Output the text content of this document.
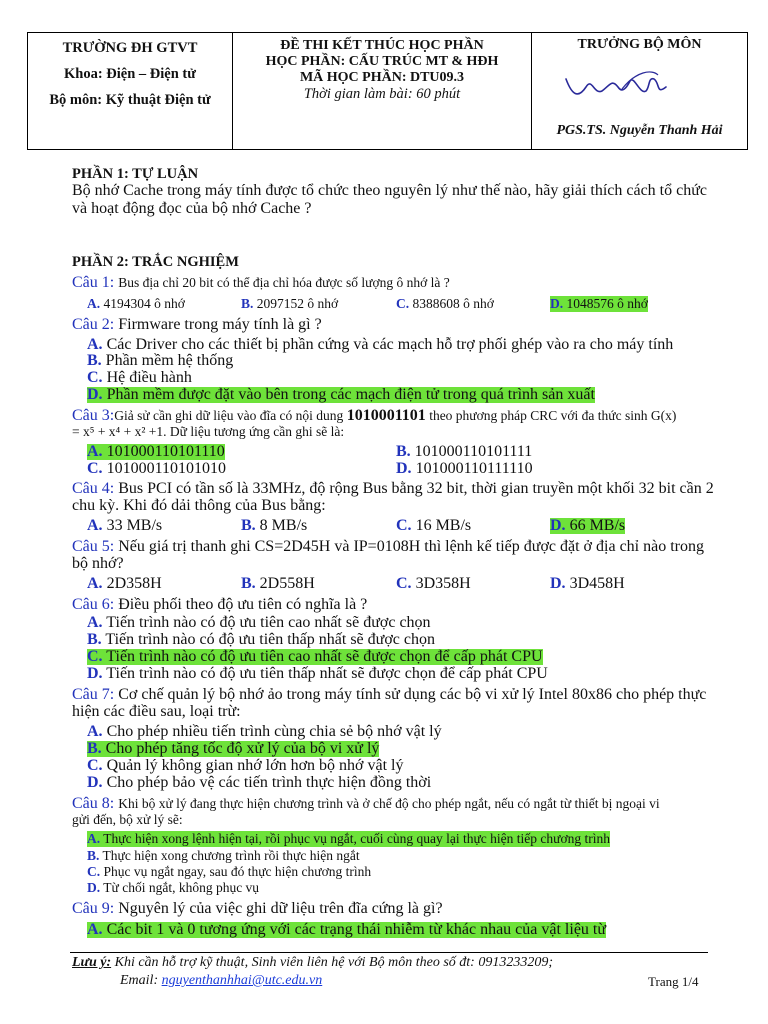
TRƯỜNG ĐH GTVT
Khoa: Điện – Điện tử
Bộ môn: Kỹ thuật Điện tử
ĐỀ THI KẾT THÚC HỌC PHẦN
HỌC PHẦN: CẤU TRÚC MT & HĐH
MÃ HỌC PHẦN: DTU09.3
Thời gian làm bài: 60 phút
TRƯỞNG BỘ MÔN
PGS.TS. Nguyễn Thanh Hải
PHẦN 1: TỰ LUẬN
Bộ nhớ Cache trong máy tính được tổ chức theo nguyên lý như thế nào, hãy giải thích cách tổ chức
và hoạt động đọc của bộ nhớ Cache ?
PHẦN 2: TRẮC NGHIỆM
Câu 1: Bus địa chỉ 20 bit có thể địa chỉ hóa được số lượng ô nhớ là ?
A. 4194304 ô nhớ	B. 2097152 ô nhớ	C. 8388608 ô nhớ	D. 1048576 ô nhớ
Câu 2: Firmware trong máy tính là gì ?
A. Các Driver cho các thiết bị phần cứng và các mạch hỗ trợ phối ghép vào ra cho máy tính
B. Phần mềm hệ thống
C. Hệ điều hành
D. Phần mềm được đặt vào bên trong các mạch điện tử trong quá trình sản xuất
Câu 3:Giả sử cần ghi dữ liệu vào đĩa có nội dung 1010001101 theo phương pháp CRC với đa thức sinh G(x)
= x⁵ + x⁴ + x² +1. Dữ liệu tương ứng cần ghi sẽ là:
A. 101000110101110	B. 101000110101111
C. 101000110101010	D. 101000110111110
Câu 4: Bus PCI có tần số là 33MHz, độ rộng Bus bằng 32 bit, thời gian truyền một khối 32 bit cần 2
chu kỳ. Khi đó dải thông của Bus bằng:
A. 33 MB/s	B. 8 MB/s	C. 16 MB/s	D. 66 MB/s
Câu 5: Nếu giá trị thanh ghi CS=2D45H và IP=0108H thì lệnh kế tiếp được đặt ở địa chỉ nào trong
bộ nhớ?
A. 2D358H	B. 2D558H	C. 3D358H	D. 3D458H
Câu 6: Điều phối theo độ ưu tiên có nghĩa là ?
A. Tiến trình nào có độ ưu tiên cao nhất sẽ được chọn
B. Tiến trình nào có độ ưu tiên thấp nhất sẽ được chọn
C. Tiến trình nào có độ ưu tiên cao nhất sẽ được chọn để cấp phát CPU
D. Tiến trình nào có độ ưu tiên thấp nhất sẽ được chọn để cấp phát CPU
Câu 7: Cơ chế quản lý bộ nhớ ảo trong máy tính sử dụng các bộ vi xử lý Intel 80x86 cho phép thực
hiện các điều sau, loại trừ:
A. Cho phép nhiều tiến trình cùng chia sẻ bộ nhớ vật lý
B. Cho phép tăng tốc độ xử lý của bộ vi xử lý
C. Quản lý không gian nhớ lớn hơn bộ nhớ vật lý
D. Cho phép bảo vệ các tiến trình thực hiện đồng thời
Câu 8: Khi bộ xử lý đang thực hiện chương trình và ở chế độ cho phép ngắt, nếu có ngắt từ thiết bị ngoại vi
gửi đến, bộ xử lý sẽ:
A. Thực hiện xong lệnh hiện tại, rồi phục vụ ngắt, cuối cùng quay lại thực hiện tiếp chương trình
B. Thực hiện xong chương trình rồi thực hiện ngắt
C. Phục vụ ngắt ngay, sau đó thực hiện chương trình
D. Từ chối ngắt, không phục vụ
Câu 9: Nguyên lý của việc ghi dữ liệu trên đĩa cứng là gì?
A. Các bit 1 và 0 tương ứng với các trạng thái nhiễm từ khác nhau của vật liệu từ
Lưu ý: Khi cần hỗ trợ kỹ thuật, Sinh viên liên hệ với Bộ môn theo số đt: 0913233209;
Email: nguyenthanhhai@utc.edu.vn	Trang 1/4
